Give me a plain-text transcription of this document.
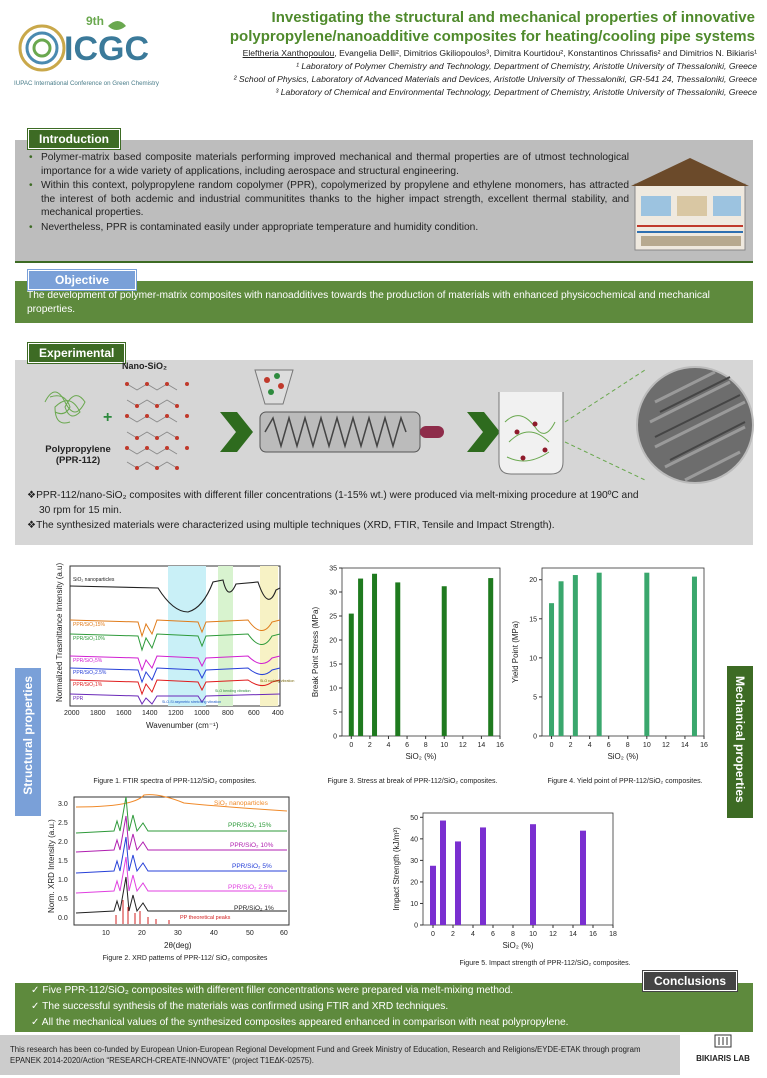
ICGC
9th
IUPAC International Conference on Green Chemistry
Investigating the structural and mechanical properties of innovative
polypropylene/nanoadditive composites for heating/cooling pipe systems
Eleftheria Xanthopoulou, Evangelia Delli², Dimitrios Gkiliopoulos³, Dimitra Kourtidou², Konstantinos Chrissafis² and Dimitrios N. Bikiaris¹
¹ Laboratory of Polymer Chemistry and Technology, Department of Chemistry, Aristotle University of Thessaloniki, Greece
² School of Physics, Laboratory of Advanced Materials and Devices, Aristotle University of Thessaloniki, GR-541 24, Thessaloniki, Greece
³ Laboratory of Chemical and Environmental Technology, Department of Chemistry, Aristotle University of Thessaloniki, Greece
• Polymer-matrix based composite materials performing improved mechanical and thermal properties are of utmost technological importance for a wide variety of applications, including aerospace and structural engineering.
• Within this context, polypropylene random copolymer (PPR), copolymerized by propylene and ethylene monomers, has attracted the interest of both acdemic and industrial communitites thanks to the higher impact strength, excellent thermal stability, and mechanical properties.
• Nevertheless, PPR is contaminated easily under appropriate temperature and humidity condition.
Introduction
The development of polymer-matrix composites with nanoadditives towards the production of materials with enhanced physicochemical and mechanical properties.
Objective
Experimental
+
Nano-SiO₂
Polypropylene
(PPR-112)
❖PPR-112/nano-SiO₂ composites with different filler concentrations (1-15% wt.) were produced via melt-mixing procedure at 190ºC and
30 rpm for 15 min.
❖The synthesized materials were characterized using multiple techniques (XRD, FTIR, Tensile and Impact Strength).
Structural properties	Mechanical properties
2000 1800 1600 1400 1200 1000 800 600 400
Wavenumber (cm⁻¹)
Normalized Trasmittance Intensity (a.u) SiO₂ nanoparticles
PPR/SiO₂15%
PPR/SiO₂10%
PPR/SiO₂5%
PPR/SiO₂2.5%
PPR/SiO₂1%
PPR	Si-O-Si asymetric stretching vibration
Si-O bending vibration
Si-O rocking vibration
Figure 1. FTIR spectra of PPR-112/SiO₂ composites.
0.0
0.5
1.0
1.5
2.0
2.5
3.0
10	20	30	40	50	60
2θ(deg)
Norm. XRD Intensity (a.u.)
SiO₂ nanoparticles
PPR/SiO₂ 15%
PPR/SiO₂ 10%
PPR/SiO₂ 5%
PPR/SiO₂ 2.5%
PPR/SiO₂ 1%
PP theoretical peaks
Figure 2. XRD patterns of PPR-112/ SiO₂ composites
0
5
10
15
20
25
30
35
0 2 4 6 8 10 12 14 16
SiO₂ (%)
Break Point Stress (MPa)
Figure 3. Stress at break of PPR-112/SiO₂ composites.
0
5
10
15
20
0 2 4 6 8 10 12 14 16
SiO₂ (%)
Yield Point (MPa)
Figure 4. Yield point of PPR-112/SiO₂ composites.
0
10
20
30
40
50
0 2 4 6 8 10 12 14 16 18
SiO₂ (%)
Impact Strength (kJ/m²)
Figure 5. Impact strength of PPR-112/SiO₂ composites.
✓ Five PPR-112/SiO₂ composites with different filler concentrations were prepared via melt-mixing method.
✓ The successful synthesis of the materials was confirmed using FTIR and XRD techniques.
✓ All the mechanical values of the synthesized composites appeared enhanced in comparison with neat polypropylene.
Conclusions
This research has been co-funded by European Union-European Regional Development Fund and Greek Ministry of Education, Research and Religions/EYDE-ETAK through program EPANEK 2014-2020/Action “RESEARCH-CREATE-INNOVATE” (project T1EΔK-02575).	BIKIARIS LAB
